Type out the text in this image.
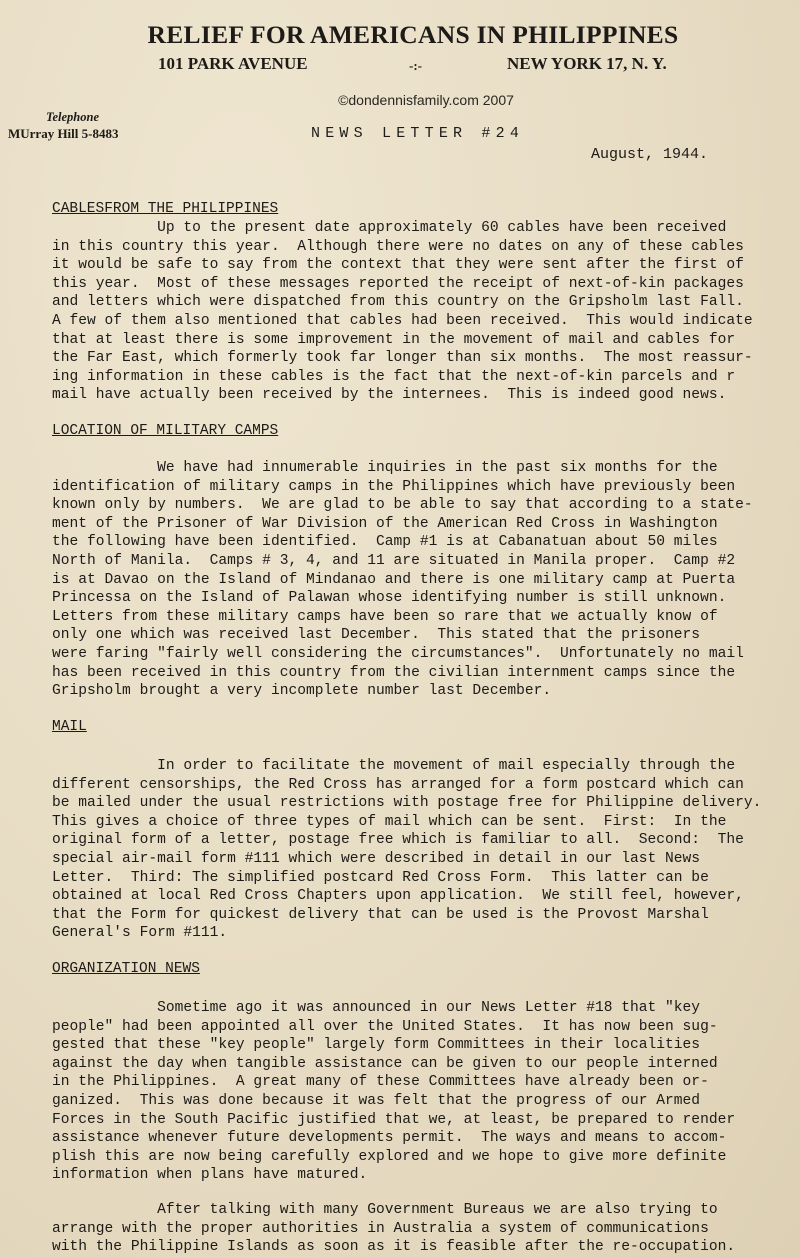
RELIEF FOR AMERICANS IN PHILIPPINES
101 PARK AVENUE	-:-	NEW YORK 17, N. Y.
©dondennisfamily.com 2007
Telephone
MUrray Hill 5-8483	NEWS LETTER #24
August, 1944.
CABLESFROM THE PHILIPPINES
Up to the present date approximately 60 cables have been received
in this country this year.  Although there were no dates on any of these cables
it would be safe to say from the context that they were sent after the first of
this year.  Most of these messages reported the receipt of next-of-kin packages
and letters which were dispatched from this country on the Gripsholm last Fall.
A few of them also mentioned that cables had been received.  This would indicate
that at least there is some improvement in the movement of mail and cables for
the Far East, which formerly took far longer than six months.  The most reassur-
ing information in these cables is the fact that the next-of-kin parcels and r
mail have actually been received by the internees.  This is indeed good news.
LOCATION OF MILITARY CAMPS
We have had innumerable inquiries in the past six months for the
identification of military camps in the Philippines which have previously been
known only by numbers.  We are glad to be able to say that according to a state-
ment of the Prisoner of War Division of the American Red Cross in Washington
the following have been identified.  Camp #1 is at Cabanatuan about 50 miles
North of Manila.  Camps # 3, 4, and 11 are situated in Manila proper.  Camp #2
is at Davao on the Island of Mindanao and there is one military camp at Puerta
Princessa on the Island of Palawan whose identifying number is still unknown.
Letters from these military camps have been so rare that we actually know of
only one which was received last December.  This stated that the prisoners
were faring "fairly well considering the circumstances".  Unfortunately no mail
has been received in this country from the civilian internment camps since the
Gripsholm brought a very incomplete number last December.
MAIL
In order to facilitate the movement of mail especially through the
different censorships, the Red Cross has arranged for a form postcard which can
be mailed under the usual restrictions with postage free for Philippine delivery.
This gives a choice of three types of mail which can be sent.  First:  In the
original form of a letter, postage free which is familiar to all.  Second:  The
special air-mail form #111 which were described in detail in our last News
Letter.  Third: The simplified postcard Red Cross Form.  This latter can be
obtained at local Red Cross Chapters upon application.  We still feel, however,
that the Form for quickest delivery that can be used is the Provost Marshal
General's Form #111.
ORGANIZATION NEWS
Sometime ago it was announced in our News Letter #18 that "key
people" had been appointed all over the United States.  It has now been sug-
gested that these "key people" largely form Committees in their localities
against the day when tangible assistance can be given to our people interned
in the Philippines.  A great many of these Committees have already been or-
ganized.  This was done because it was felt that the progress of our Armed
Forces in the South Pacific justified that we, at least, be prepared to render
assistance whenever future developments permit.  The ways and means to accom-
plish this are now being carefully explored and we hope to give more definite
information when plans have matured.
After talking with many Government Bureaus we are also trying to
arrange with the proper authorities in Australia a system of communications
with the Philippine Islands as soon as it is feasible after the re-occupation.
